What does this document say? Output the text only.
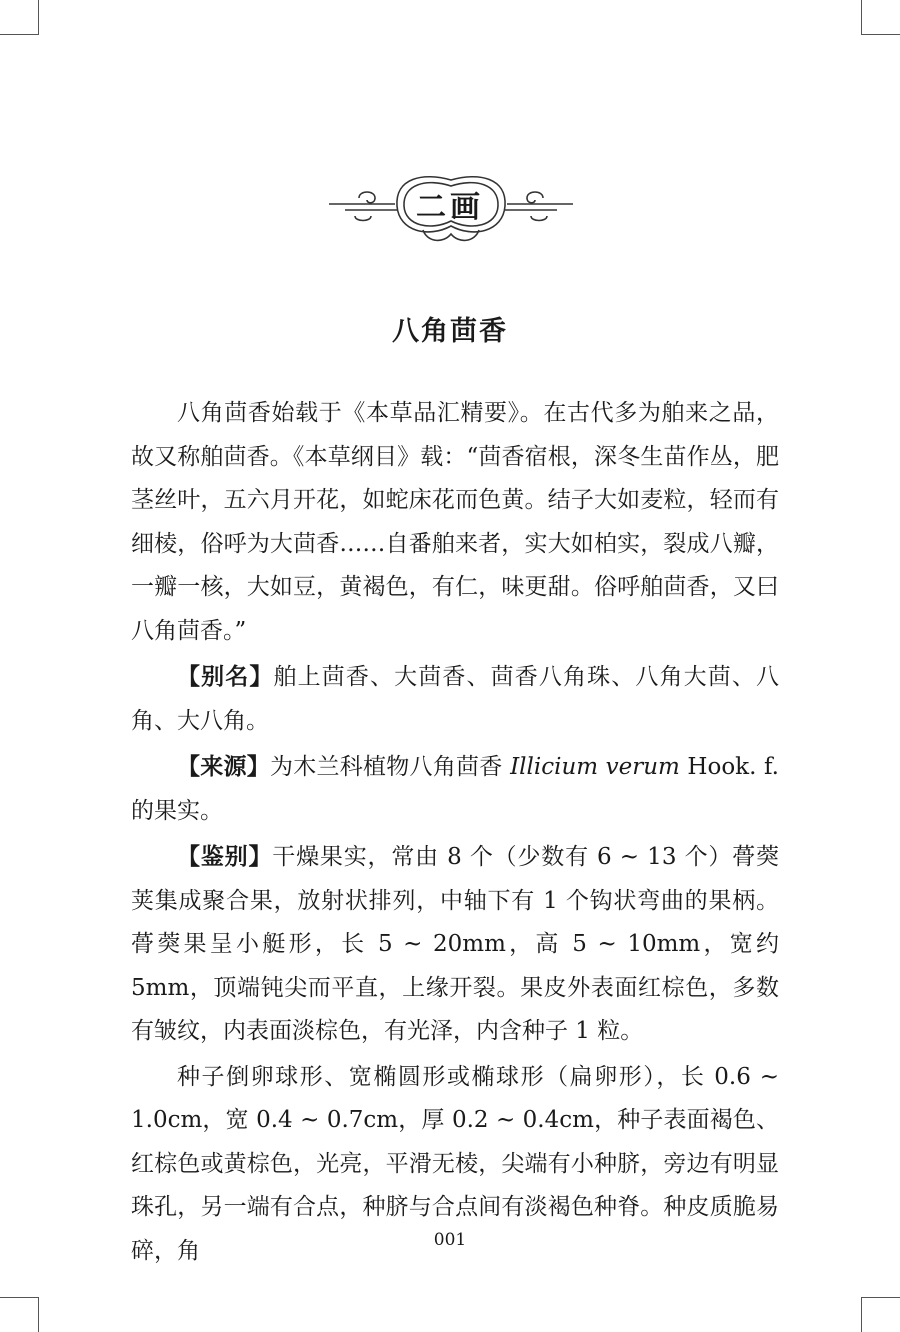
二画
八角茴香

八角茴香始载于《本草品汇精要》。在古代多为舶来之品，故又称舶茴香。《本草纲目》载：“茴香宿根，深冬生苗作丛，肥茎丝叶，五六月开花，如蛇床花而色黄。结子大如麦粒，轻而有细棱，俗呼为大茴香……自番舶来者，实大如柏实，裂成八瓣，一瓣一核，大如豆，黄褐色，有仁，味更甜。俗呼舶茴香，又曰八角茴香。”

【别名】舶上茴香、大茴香、茴香八角珠、八角大茴、八角、大八角。

【来源】为木兰科植物八角茴香 Illicium verum Hook. f. 的果实。

【鉴别】干燥果实，常由 8 个（少数有 6 ~ 13 个）蓇葖荚集成聚合果，放射状排列，中轴下有 1 个钩状弯曲的果柄。蓇葖果呈小艇形，长 5 ~ 20mm，高 5 ~ 10mm，宽约 5mm，顶端钝尖而平直，上缘开裂。果皮外表面红棕色，多数有皱纹，内表面淡棕色，有光泽，内含种子 1 粒。

种子倒卵球形、宽椭圆形或椭球形（扁卵形），长 0.6 ~ 1.0cm，宽 0.4 ~ 0.7cm，厚 0.2 ~ 0.4cm，种子表面褐色、红棕色或黄棕色，光亮，平滑无棱，尖端有小种脐，旁边有明显珠孔，另一端有合点，种脐与合点间有淡褐色种脊。种皮质脆易碎，角	001
